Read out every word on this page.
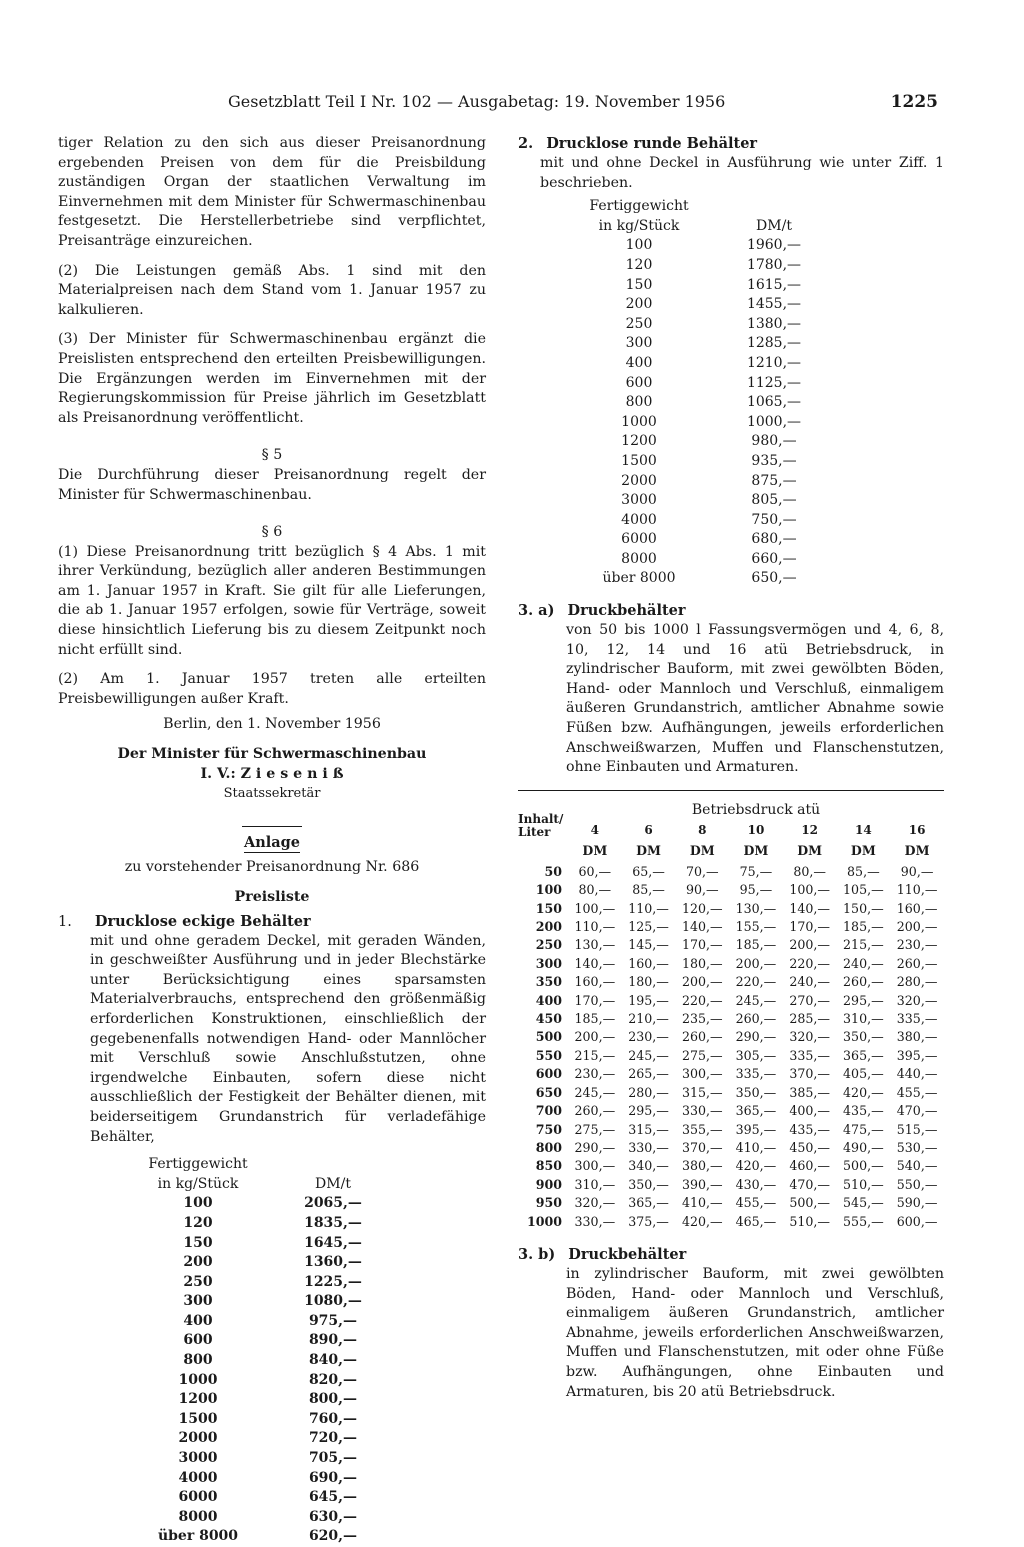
Gesetzblatt Teil I Nr. 102 — Ausgabetag: 19. November 1956	1225

tiger Relation zu den sich aus dieser Preisanordnung ergebenden Preisen von dem für die Preisbildung zuständigen Organ der staatlichen Verwaltung im Einvernehmen mit dem Minister für Schwermaschinenbau festgesetzt. Die Herstellerbetriebe sind verpflichtet, Preisanträge einzureichen.

(2) Die Leistungen gemäß Abs. 1 sind mit den Materialpreisen nach dem Stand vom 1. Januar 1957 zu kalkulieren.

(3) Der Minister für Schwermaschinenbau ergänzt die Preislisten entsprechend den erteilten Preisbewilligungen. Die Ergänzungen werden im Einvernehmen mit der Regierungskommission für Preise jährlich im Gesetzblatt als Preisanordnung veröffentlicht.

§ 5

Die Durchführung dieser Preisanordnung regelt der Minister für Schwermaschinenbau.

§ 6

(1) Diese Preisanordnung tritt bezüglich § 4 Abs. 1 mit ihrer Verkündung, bezüglich aller anderen Bestimmungen am 1. Januar 1957 in Kraft. Sie gilt für alle Lieferungen, die ab 1. Januar 1957 erfolgen, sowie für Verträge, soweit diese hinsichtlich Lieferung bis zu diesem Zeitpunkt noch nicht erfüllt sind.

(2) Am 1. Januar 1957 treten alle erteilten Preisbewilligungen außer Kraft.

Berlin, den 1. November 1956

Der Minister für Schwermaschinenbau

I. V.: Z i e s e n i ß

Staatssekretär

Anlage

zu vorstehender Preisanordnung Nr. 686

Preisliste

1. Drucklose eckige Behälter

mit und ohne geradem Deckel, mit geraden Wänden, in geschweißter Ausführung und in jeder Blechstärke unter Berücksichtigung eines sparsamsten Materialverbrauchs, entsprechend den größenmäßig erforderlichen Konstruktionen, einschließlich der gegebenenfalls notwendigen Hand- oder Mannlöcher mit Verschluß sowie Anschlußstutzen, ohne irgendwelche Einbauten, sofern diese nicht ausschließlich der Festigkeit der Behälter dienen, mit beiderseitigem Grundanstrich für verladefähige Behälter,

Fertiggewicht
in kg/Stück	DM/t
100	2065,—
120	1835,—
150	1645,—
200	1360,—
250	1225,—
300	1080,—
400	975,—
600	890,—
800	840,—
1000	820,—
1200	800,—
1500	760,—
2000	720,—
3000	705,—
4000	690,—
6000	645,—
8000	630,—
über 8000	620,—

2. Drucklose runde Behälter

mit und ohne Deckel in Ausführung wie unter Ziff. 1 beschrieben.

Fertiggewicht
in kg/Stück	DM/t
100	1960,—
120	1780,—
150	1615,—
200	1455,—
250	1380,—
300	1285,—
400	1210,—
600	1125,—
800	1065,—
1000	1000,—
1200	980,—
1500	935,—
2000	875,—
3000	805,—
4000	750,—
6000	680,—
8000	660,—
über 8000	650,—

3. a) Druckbehälter

von 50 bis 1000 l Fassungsvermögen und 4, 6, 8, 10, 12, 14 und 16 atü Betriebsdruck, in zylindrischer Bauform, mit zwei gewölbten Böden, Hand- oder Mannloch und Verschluß, einmaligem äußeren Grundanstrich, amtlicher Abnahme sowie Füßen bzw. Aufhängungen, jeweils erforderlichen Anschweißwarzen, Muffen und Flanschenstutzen, ohne Einbauten und Armaturen.

Inhalt/
Liter	Betriebsdruck atü						
	4	6	8	10	12	14	16
	DM	DM	DM	DM	DM	DM	DM
50	60,—	65,—	70,—	75,—	80,—	85,—	90,—
100	80,—	85,—	90,—	95,—	100,—	105,—	110,—
150	100,—	110,—	120,—	130,—	140,—	150,—	160,—
200	110,—	125,—	140,—	155,—	170,—	185,—	200,—
250	130,—	145,—	170,—	185,—	200,—	215,—	230,—
300	140,—	160,—	180,—	200,—	220,—	240,—	260,—
350	160,—	180,—	200,—	220,—	240,—	260,—	280,—
400	170,—	195,—	220,—	245,—	270,—	295,—	320,—
450	185,—	210,—	235,—	260,—	285,—	310,—	335,—
500	200,—	230,—	260,—	290,—	320,—	350,—	380,—
550	215,—	245,—	275,—	305,—	335,—	365,—	395,—
600	230,—	265,—	300,—	335,—	370,—	405,—	440,—
650	245,—	280,—	315,—	350,—	385,—	420,—	455,—
700	260,—	295,—	330,—	365,—	400,—	435,—	470,—
750	275,—	315,—	355,—	395,—	435,—	475,—	515,—
800	290,—	330,—	370,—	410,—	450,—	490,—	530,—
850	300,—	340,—	380,—	420,—	460,—	500,—	540,—
900	310,—	350,—	390,—	430,—	470,—	510,—	550,—
950	320,—	365,—	410,—	455,—	500,—	545,—	590,—
1000	330,—	375,—	420,—	465,—	510,—	555,—	600,—

3. b) Druckbehälter

in zylindrischer Bauform, mit zwei gewölbten Böden, Hand- oder Mannloch und Verschluß, einmaligem äußeren Grundanstrich, amtlicher Abnahme, jeweils erforderlichen Anschweißwarzen, Muffen und Flanschenstutzen, mit oder ohne Füße bzw. Aufhängungen, ohne Einbauten und Armaturen, bis 20 atü Betriebsdruck.
